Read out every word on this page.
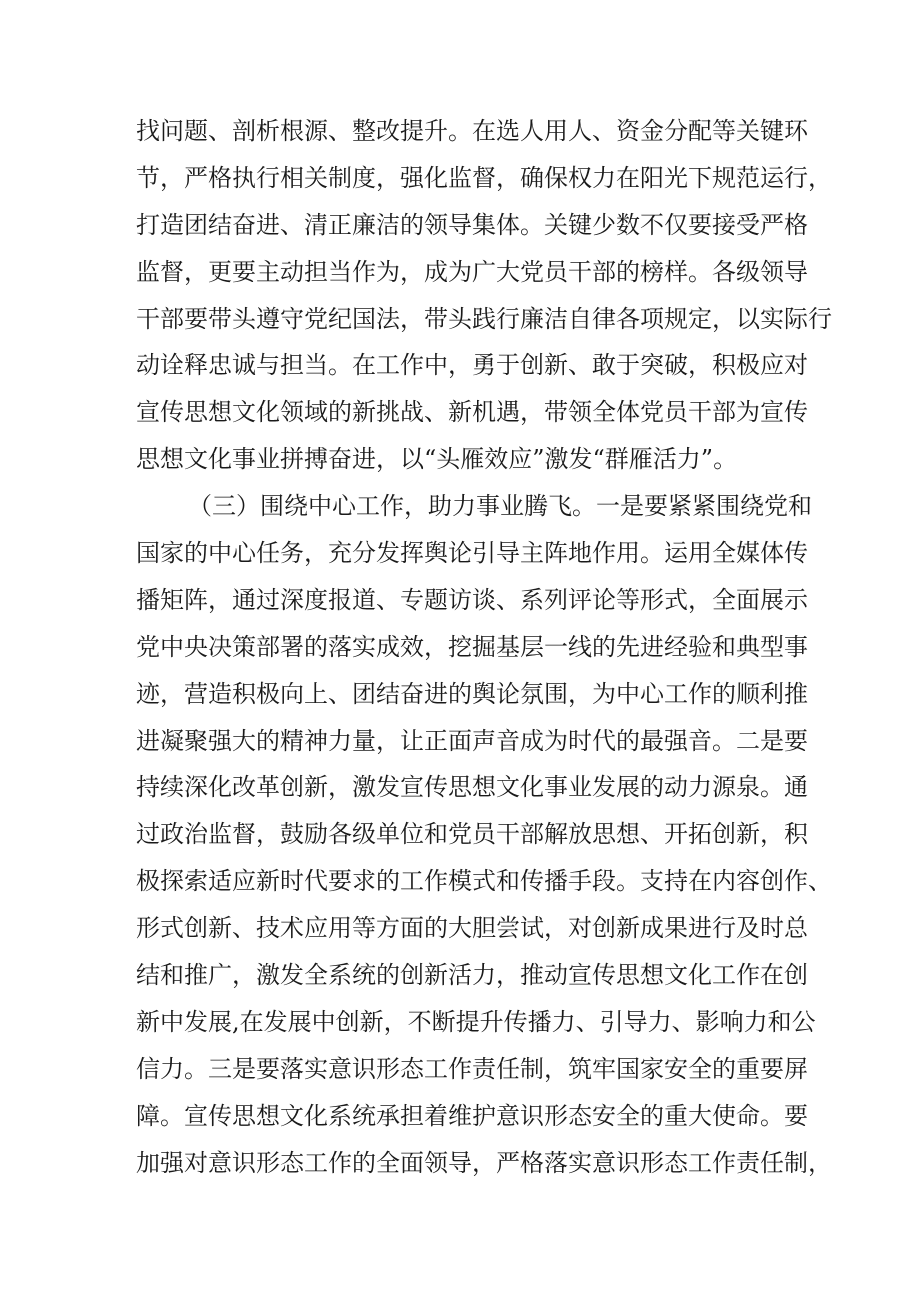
找问题、剖析根源、整改提升。在选人用人、资金分配等关键环
节，严格执行相关制度，强化监督，确保权力在阳光下规范运行，
打造团结奋进、清正廉洁的领导集体。关键少数不仅要接受严格
监督，更要主动担当作为，成为广大党员干部的榜样。各级领导
干部要带头遵守党纪国法，带头践行廉洁自律各项规定，以实际行
动诠释忠诚与担当。在工作中，勇于创新、敢于突破，积极应对
宣传思想文化领域的新挑战、新机遇，带领全体党员干部为宣传
思想文化事业拼搏奋进，以“头雁效应”激发“群雁活力”。
（三）围绕中心工作，助力事业腾飞。一是要紧紧围绕党和
国家的中心任务，充分发挥舆论引导主阵地作用。运用全媒体传
播矩阵，通过深度报道、专题访谈、系列评论等形式，全面展示
党中央决策部署的落实成效，挖掘基层一线的先进经验和典型事
迹，营造积极向上、团结奋进的舆论氛围，为中心工作的顺利推
进凝聚强大的精神力量，让正面声音成为时代的最强音。二是要
持续深化改革创新，激发宣传思想文化事业发展的动力源泉。通
过政治监督，鼓励各级单位和党员干部解放思想、开拓创新，积
极探索适应新时代要求的工作模式和传播手段。支持在内容创作、
形式创新、技术应用等方面的大胆尝试，对创新成果进行及时总
结和推广，激发全系统的创新活力，推动宣传思想文化工作在创
新中发展,在发展中创新，不断提升传播力、引导力、影响力和公
信力。三是要落实意识形态工作责任制，筑牢国家安全的重要屏
障。宣传思想文化系统承担着维护意识形态安全的重大使命。要
加强对意识形态工作的全面领导，严格落实意识形态工作责任制，
